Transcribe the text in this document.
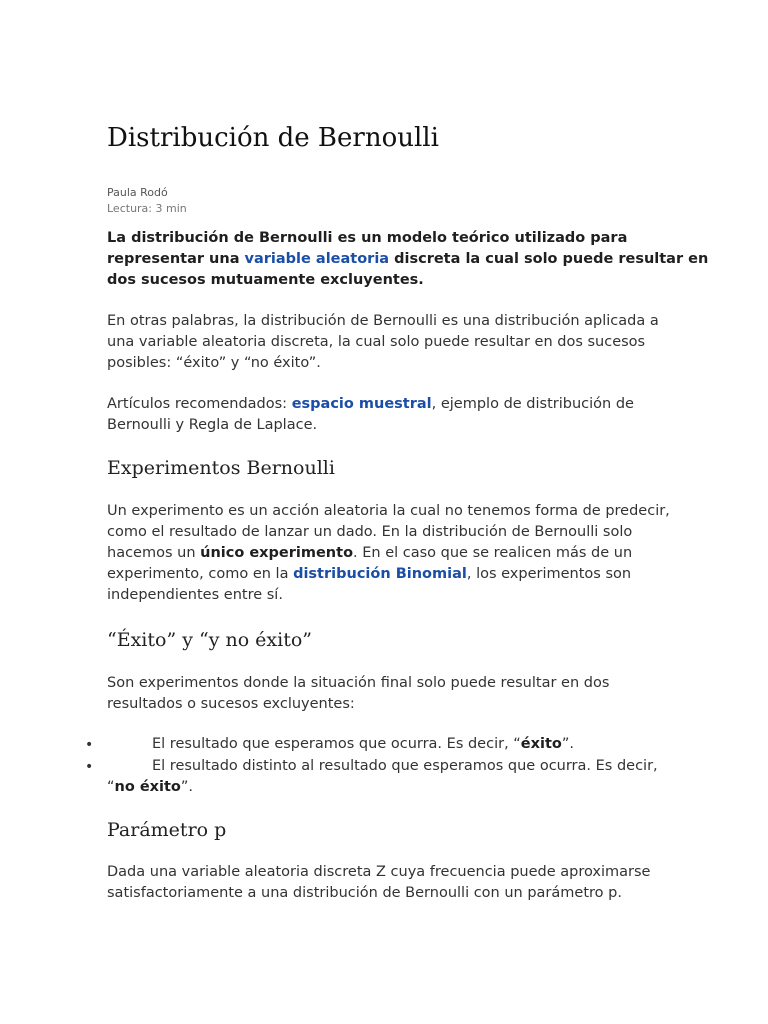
Distribución de Bernoulli
Paula Rodó
Lectura: 3 min

La distribución de Bernoulli es un modelo teórico utilizado para
representar una variable aleatoria discreta la cual solo puede resultar en
dos sucesos mutuamente excluyentes.

En otras palabras, la distribución de Bernoulli es una distribución aplicada a
una variable aleatoria discreta, la cual solo puede resultar en dos sucesos
posibles: “éxito” y “no éxito”.

Artículos recomendados: espacio muestral, ejemplo de distribución de
Bernoulli y Regla de Laplace.

Experimentos Bernoulli

Un experimento es un acción aleatoria la cual no tenemos forma de predecir,
como el resultado de lanzar un dado. En la distribución de Bernoulli solo
hacemos un único experimento. En el caso que se realicen más de un
experimento, como en la distribución Binomial, los experimentos son
independientes entre sí.

“Éxito” y “y no éxito”

Son experimentos donde la situación final solo puede resultar en dos
resultados o sucesos excluyentes:

•	El resultado que esperamos que ocurra. Es decir, “éxito”.
•	El resultado distinto al resultado que esperamos que ocurra. Es decir,
“no éxito”.
Parámetro p

Dada una variable aleatoria discreta Z cuya frecuencia puede aproximarse
satisfactoriamente a una distribución de Bernoulli con un parámetro p.
